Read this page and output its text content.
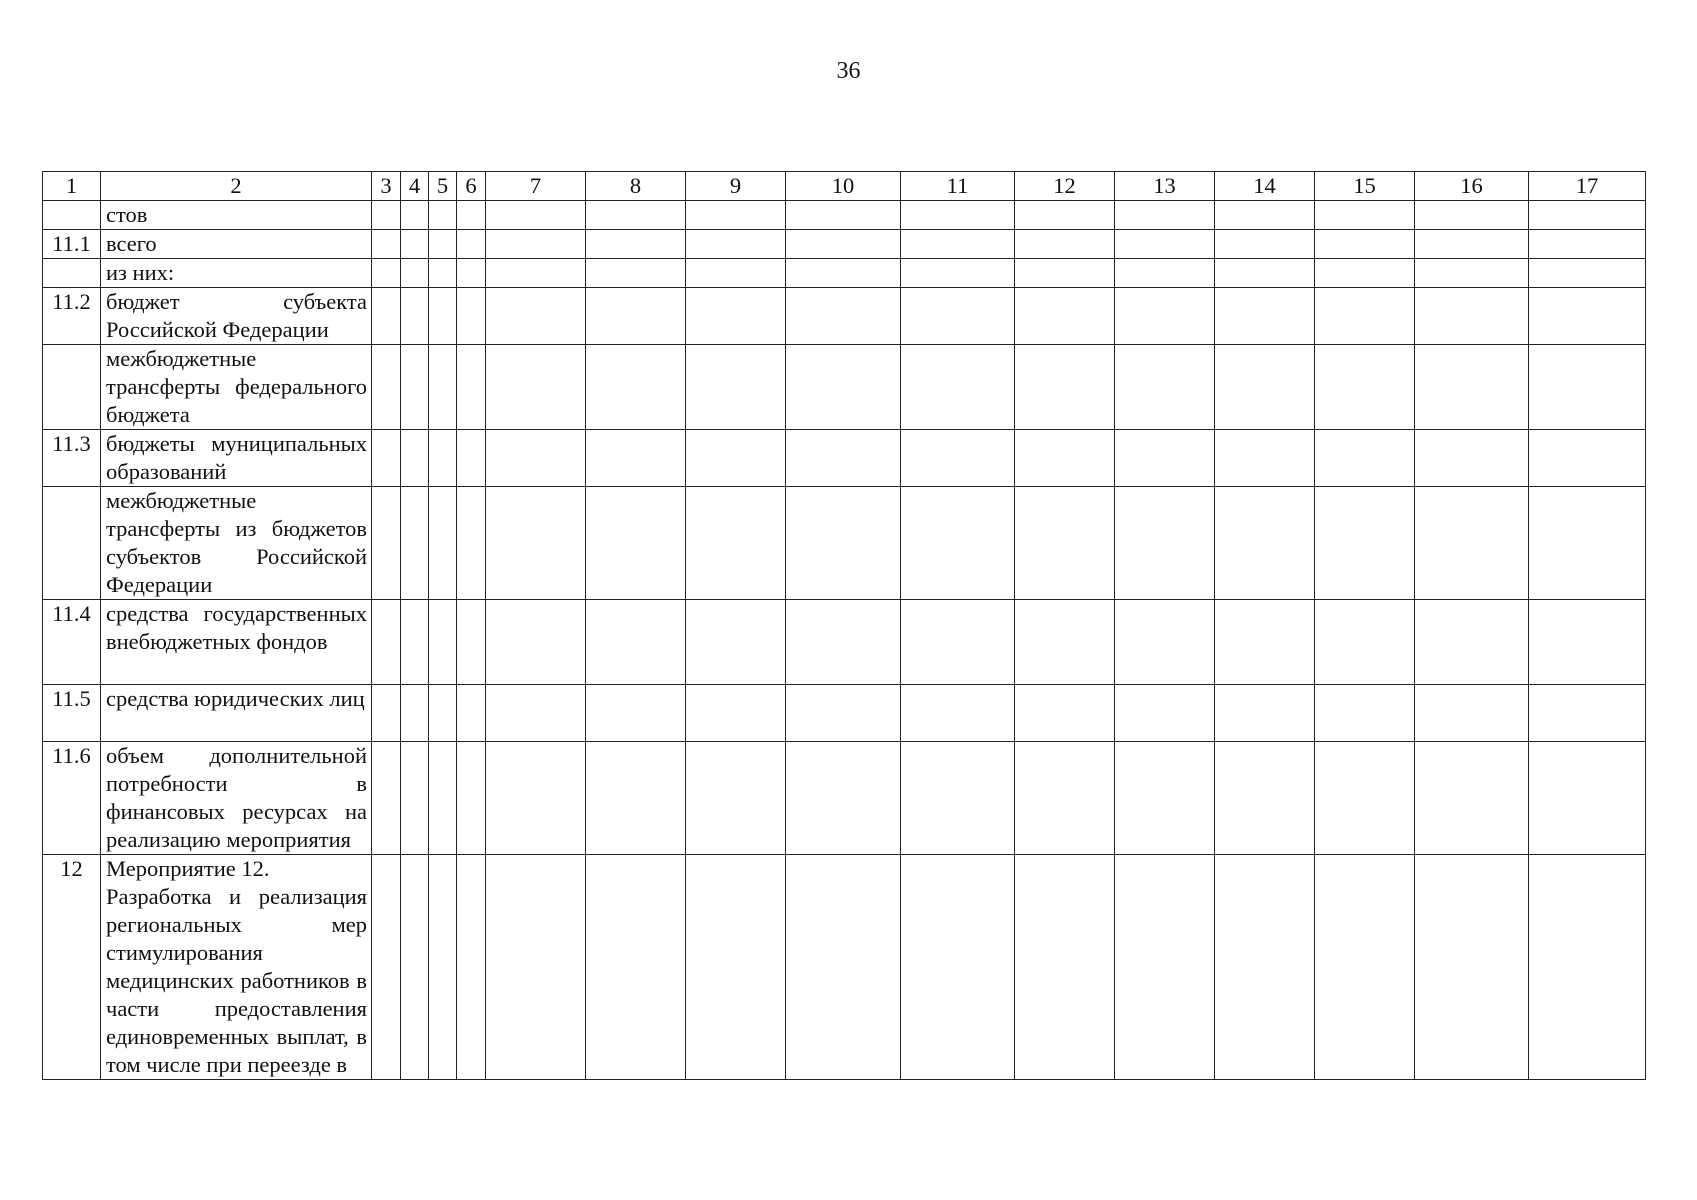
36
1	2	3	4	5	6	7	8	9	10	11	12	13	14	15	16	17
	стов															
11.1	всего															
	из них:															
11.2	бюджет субъекта Российской Федерации															
	межбюджетные трансферты федерального бюджета															
11.3	бюджеты муниципальных образований															
	межбюджетные трансферты из бюджетов субъектов Российской Федерации															
11.4	средства государственных внебюджетных фондов															
11.5	средства юридических лиц															
11.6	объем дополнительной потребности в финансовых ресурсах на реализацию мероприятия															
12	Мероприятие 12.
Разработка и реализация региональных мер стимулирования медицинских работников в части предоставления единовременных выплат, в том числе при переезде в															
